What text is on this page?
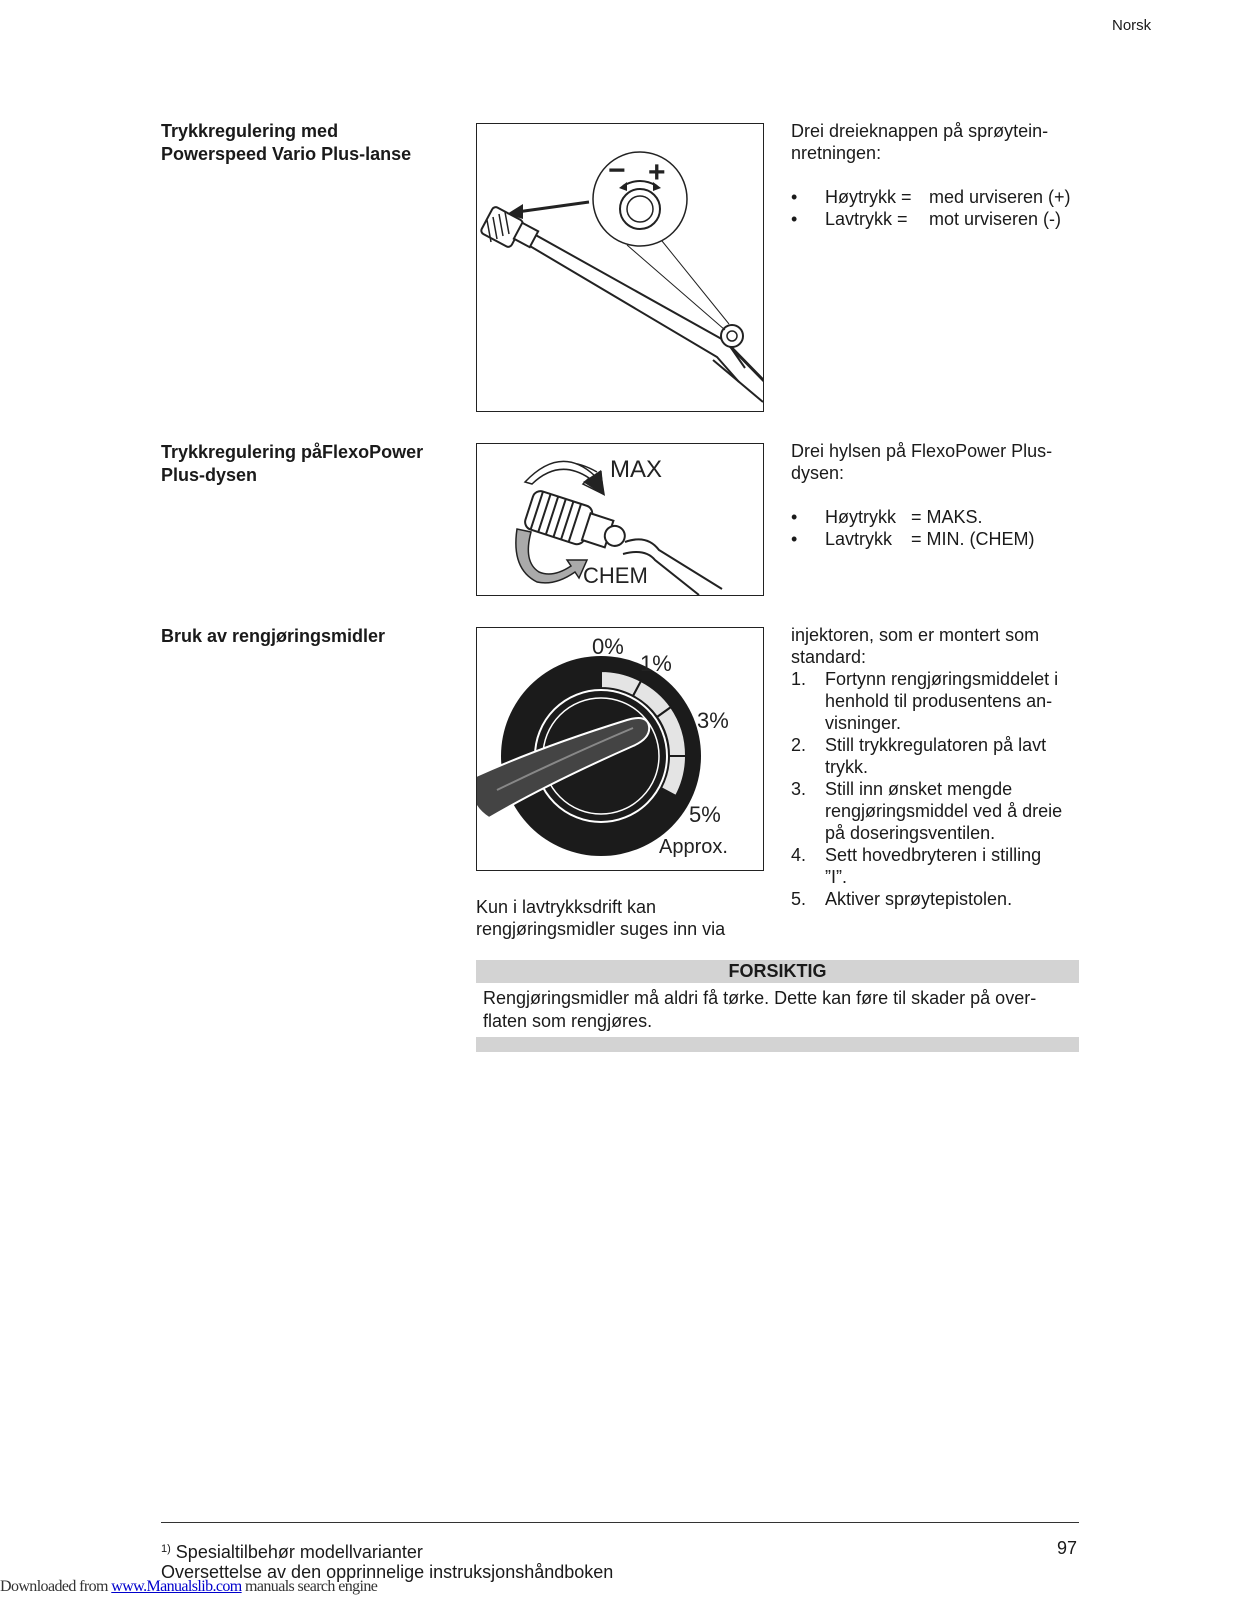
Norsk
Trykkregulering med
Powerspeed Vario Plus-lanse	− +
Drei dreieknappen på sprøytein-
nretningen:
•	Høytrykk = med urviseren (+)
•	Lavtrykk =	mot urviseren (-)
Trykkregulering påFlexoPower
Plus-dysen	MAX
CHEM
Drei hylsen på FlexoPower Plus-
dysen:
•	Høytrykk = MAKS.
•	Lavtrykk	= MIN. (CHEM)
Bruk av rengjøringsmidler	0%
1%
3%
5%
Approx.
Kun i lavtrykksdrift kan
rengjøringsmidler suges inn via
injektoren, som er montert som
standard:
1.	Fortynn rengjøringsmiddelet i
henhold til produsentens an-
visninger.
2.	Still trykkregulatoren på lavt
trykk.
3.	Still inn ønsket mengde
rengjøringsmiddel ved å dreie
på doseringsventilen.
4.	Sett hovedbryteren i stilling
”I”.
5.	Aktiver sprøytepistolen.
FORSIKTIG
Rengjøringsmidler må aldri få tørke. Dette kan føre til skader på over-
flaten som rengjøres.
$^{1)}$ Spesialtilbehør modellvarianter	97
Oversettelse av den opprinnelige instruksjonshåndboken
Downloaded from www.Manualslib.com manuals search engine
